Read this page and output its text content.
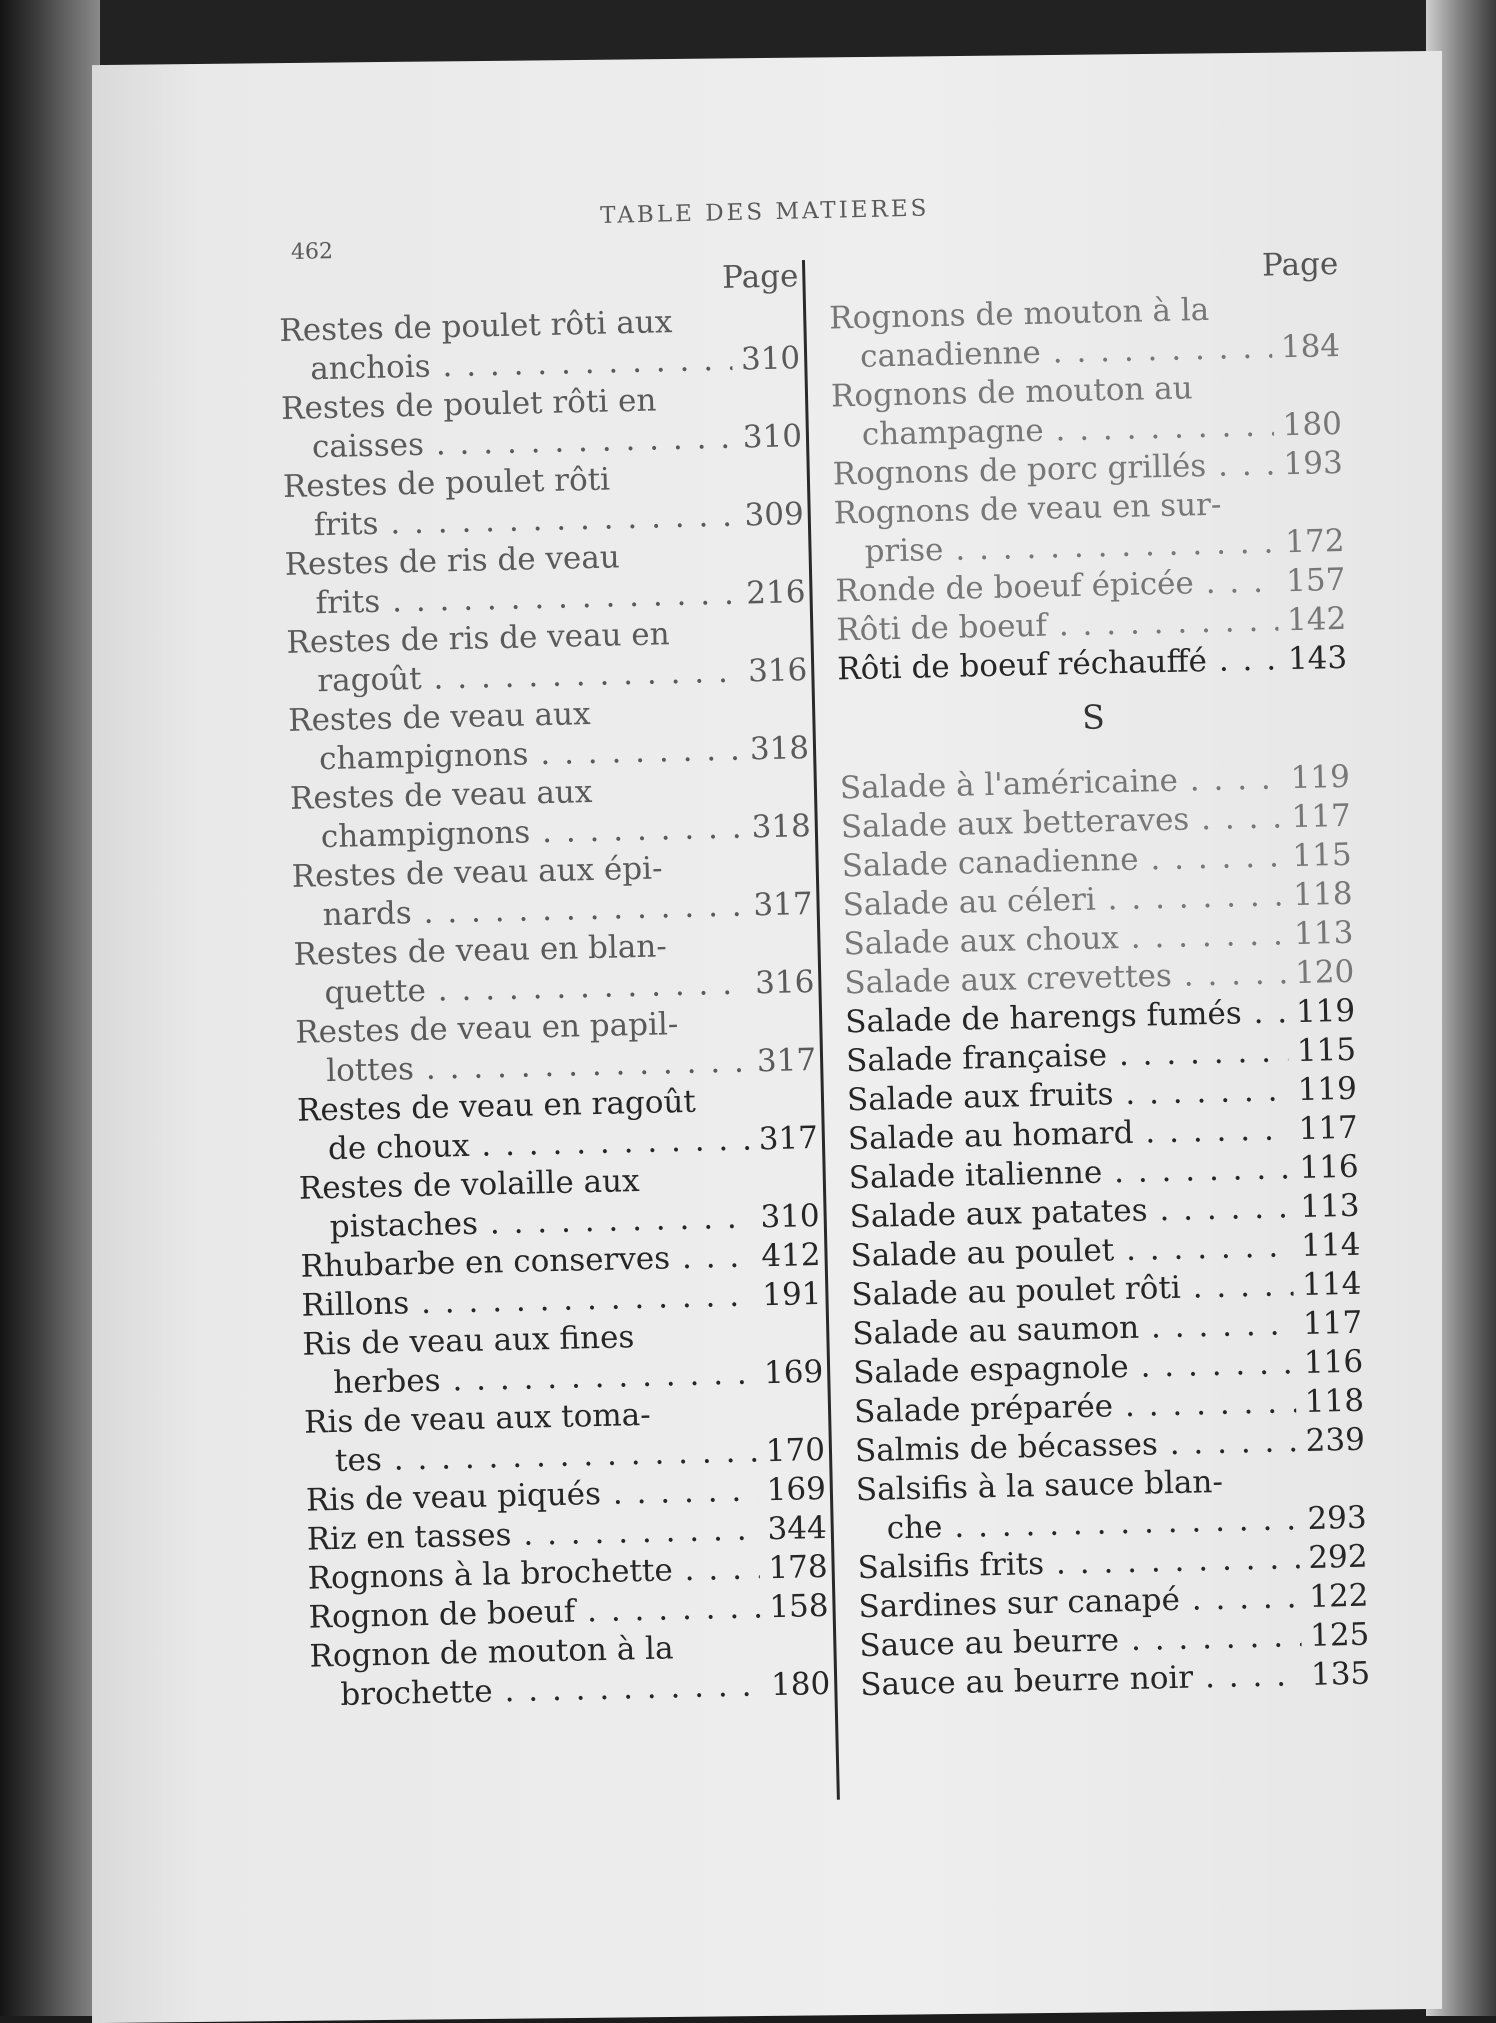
462
TABLE DES MATIERES
Page
Restes de poulet rôti aux
anchois . . .	310
Restes de poulet rôti en
caisses . . .	310
Restes de poulet rôti
frits . . .	309
Restes de ris de veau
frits . . .	216
Restes de ris de veau en
ragoût . . .	316
Restes de veau aux
champignons . . .	318
Restes de veau aux
champignons . . .	318
Restes de veau aux épi-
nards . . .	317
Restes de veau en blan-
quette . . .	316
Restes de veau en papil-
lottes . . .	317
Restes de veau en ragoût
de choux . . .	317
Restes de volaille aux
pistaches . . .	310
Rhubarbe en conserves . . .	412
Rillons . . .	191
Ris de veau aux fines
herbes . . .	169
Ris de veau aux toma-
tes . . .	170
Ris de veau piqués . . .	169
Riz en tasses . . .	344
Rognons à la brochette . . .	178
Rognon de boeuf . . .	158
Rognon de mouton à la
brochette . . .	180
Page
Rognons de mouton à la
canadienne . . .	184
Rognons de mouton au
champagne . . .	180
Rognons de porc grillés . . .	193
Rognons de veau en sur-
prise . . .	172
Ronde de boeuf épicée . . .	157
Rôti de boeuf . . .	142
Rôti de boeuf réchauffé . . .	143
S
Salade à l'américaine . . .	119
Salade aux betteraves . . .	117
Salade canadienne . . .	115
Salade au céleri . . .	118
Salade aux choux . . .	113
Salade aux crevettes . . .	120
Salade de harengs fumés . . .	119
Salade française . . .	115
Salade aux fruits . . .	119
Salade au homard . . .	117
Salade italienne . . .	116
Salade aux patates . . .	113
Salade au poulet . . .	114
Salade au poulet rôti . . .	114
Salade au saumon . . .	117
Salade espagnole . . .	116
Salade préparée . . .	118
Salmis de bécasses . . .	239
Salsifis à la sauce blan-
che . . .	293
Salsifis frits . . .	292
Sardines sur canapé . . .	122
Sauce au beurre . . .	125
Sauce au beurre noir . . .	135
